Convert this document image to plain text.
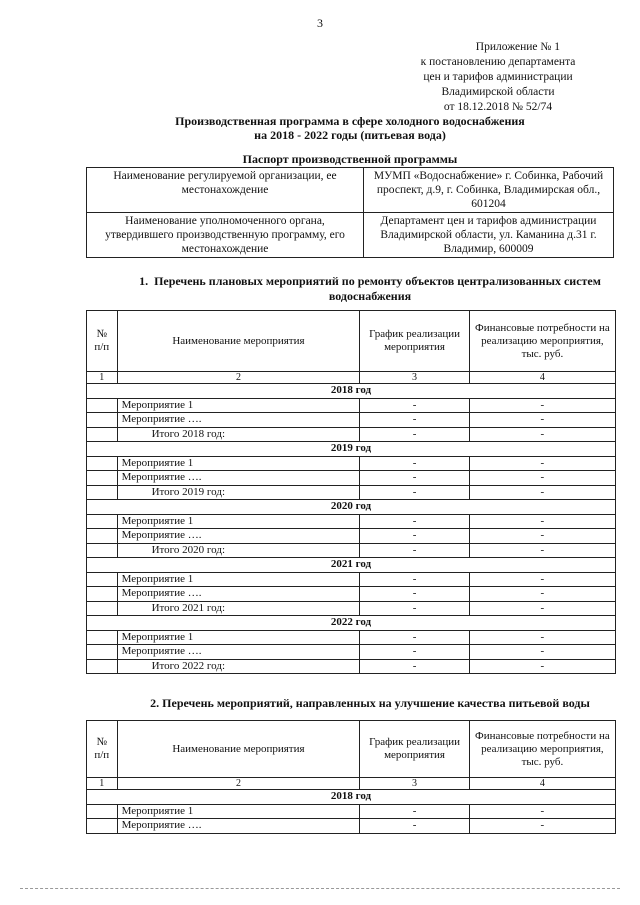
3
Приложение № 1
к постановлению департамента
цен и тарифов администрации
Владимирской области
от 18.12.2018 № 52/74
Производственная программа в сфере холодного водоснабжения
на 2018 - 2022 годы (питьевая вода)
Паспорт производственной программы
Наименование регулируемой организации, ее местонахождение	МУМП «Водоснабжение» г. Собинка, Рабочий проспект, д.9, г. Собинка, Владимирская обл., 601204
Наименование уполномоченного органа, утвердившего производственную программу, его местонахождение	Департамент цен и тарифов администрации Владимирской области, ул. Каманина д.31 г. Владимир, 600009
1. Перечень плановых мероприятий по ремонту объектов централизованных систем водоснабжения
№ п/п	Наименование мероприятия	График реализации мероприятия	Финансовые потребности на реализацию мероприятия, тыс. руб.
1	2	3	4
2018 год			
	Мероприятие 1	-	-
	Мероприятие ….	-	-
	Итого 2018 год:	-	-
2019 год			
	Мероприятие 1	-	-
	Мероприятие ….	-	-
	Итого 2019 год:	-	-
2020 год			
	Мероприятие 1	-	-
	Мероприятие ….	-	-
	Итого 2020 год:	-	-
2021 год			
	Мероприятие 1	-	-
	Мероприятие ….	-	-
	Итого 2021 год:	-	-
2022 год			
	Мероприятие 1	-	-
	Мероприятие ….	-	-
	Итого 2022 год:	-	-
2. Перечень мероприятий, направленных на улучшение качества питьевой воды
№ п/п	Наименование мероприятия	График реализации мероприятия	Финансовые потребности на реализацию мероприятия, тыс. руб.
1	2	3	4
2018 год			
	Мероприятие 1	-	-
	Мероприятие ….	-	-
